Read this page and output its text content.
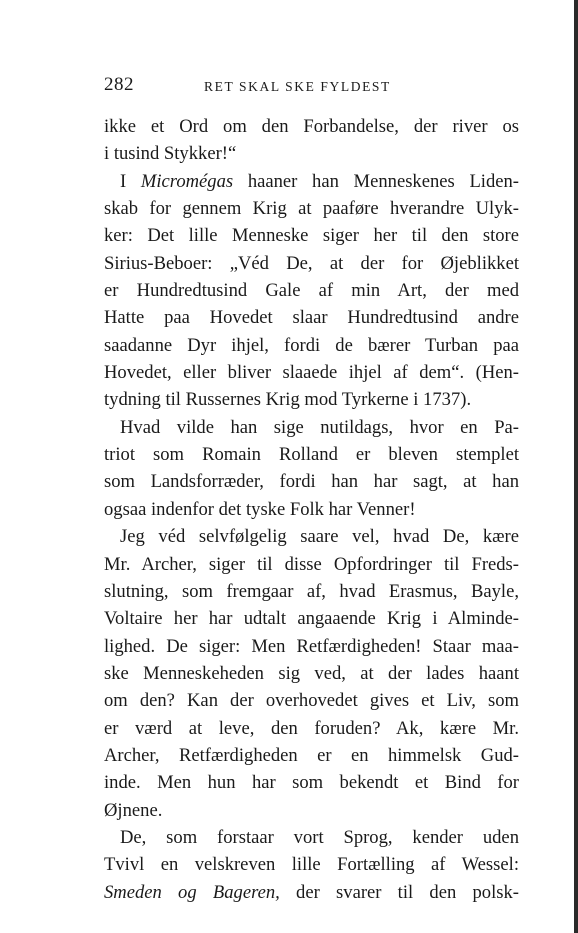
282	RET SKAL SKE FYLDEST

ikke et Ord om den Forbandelse, der river os
i tusind Stykker!“

I Micromégas haaner han Menneskenes Liden-
skab for gennem Krig at paaføre hverandre Ulyk-
ker: Det lille Menneske siger her til den store
Sirius-Beboer: „Véd De, at der for Øjeblikket
er Hundredtusind Gale af min Art, der med
Hatte paa Hovedet slaar Hundredtusind andre
saadanne Dyr ihjel, fordi de bærer Turban paa
Hovedet, eller bliver slaaede ihjel af dem“. (Hen-
tydning til Russernes Krig mod Tyrkerne i 1737).

Hvad vilde han sige nutildags, hvor en Pa-
triot som Romain Rolland er bleven stemplet
som Landsforræder, fordi han har sagt, at han
ogsaa indenfor det tyske Folk har Venner!

Jeg véd selvfølgelig saare vel, hvad De, kære
Mr. Archer, siger til disse Opfordringer til Freds-
slutning, som fremgaar af, hvad Erasmus, Bayle,
Voltaire her har udtalt angaaende Krig i Alminde-
lighed. De siger: Men Retfærdigheden! Staar maa-
ske Menneskeheden sig ved, at der lades haant
om den? Kan der overhovedet gives et Liv, som
er værd at leve, den foruden? Ak, kære Mr.
Archer, Retfærdigheden er en himmelsk Gud-
inde. Men hun har som bekendt et Bind for
Øjnene.

De, som forstaar vort Sprog, kender uden
Tvivl en velskreven lille Fortælling af Wessel:
Smeden og Bageren, der svarer til den polsk-
